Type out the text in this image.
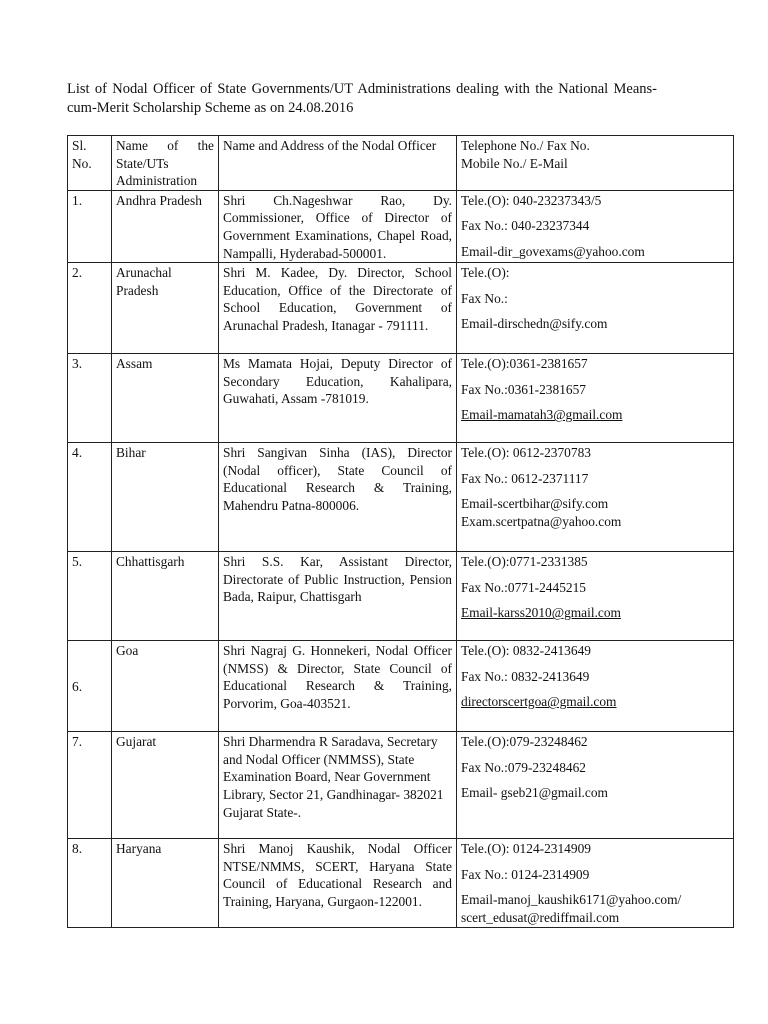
List of Nodal Officer of State Governments/UT Administrations dealing with the National Means-cum-Merit Scholarship Scheme as on 24.08.2016
Sl. No.	Name of the State/UTs Administration	Name and Address of the Nodal Officer	Telephone No./ Fax No.
Mobile No./ E-Mail

1.	Andhra Pradesh	Shri Ch.Nageshwar Rao, Dy. Commissioner, Office of Director of Government Examinations, Chapel Road, Nampalli, Hyderabad-500001.	Tele.(O): 040-23237343/5
Fax No.: 040-23237344
Email-dir_govexams@yahoo.com

2.	Arunachal Pradesh	Shri M. Kadee, Dy. Director, School Education, Office of the Directorate of School Education, Government of Arunachal Pradesh, Itanagar - 791111.	Tele.(O):
Fax No.:
Email-dirschedn@sify.com

3.	Assam	Ms Mamata Hojai, Deputy Director of Secondary Education, Kahalipara, Guwahati, Assam -781019.	Tele.(O):0361-2381657
Fax No.:0361-2381657
Email-mamatah3@gmail.com

4.	Bihar	Shri Sangivan Sinha (IAS), Director (Nodal officer), State Council of Educational Research & Training, Mahendru Patna-800006.	Tele.(O): 0612-2370783
Fax No.: 0612-2371117
Email-scertbihar@sify.com
Exam.scertpatna@yahoo.com

5.	Chhattisgarh	Shri S.S. Kar, Assistant Director, Directorate of Public Instruction, Pension Bada, Raipur, Chattisgarh	Tele.(O):0771-2331385
Fax No.:0771-2445215
Email-karss2010@gmail.com

6.	Goa	Shri Nagraj G. Honnekeri, Nodal Officer (NMSS) & Director, State Council of Educational Research & Training, Porvorim, Goa-403521.	Tele.(O): 0832-2413649
Fax No.: 0832-2413649
directorscertgoa@gmail.com

7.	Gujarat	Shri Dharmendra R Saradava, Secretary and Nodal Officer (NMMSS), State Examination Board, Near Government Library, Sector 21, Gandhinagar- 382021 Gujarat State-.	Tele.(O):079-23248462
Fax No.:079-23248462
Email- gseb21@gmail.com

8.	Haryana	Shri Manoj Kaushik, Nodal Officer NTSE/NMMS, SCERT, Haryana State Council of Educational Research and Training, Haryana, Gurgaon-122001.	Tele.(O): 0124-2314909
Fax No.: 0124-2314909
Email-manoj_kaushik6171@yahoo.com/
scert_edusat@rediffmail.com
